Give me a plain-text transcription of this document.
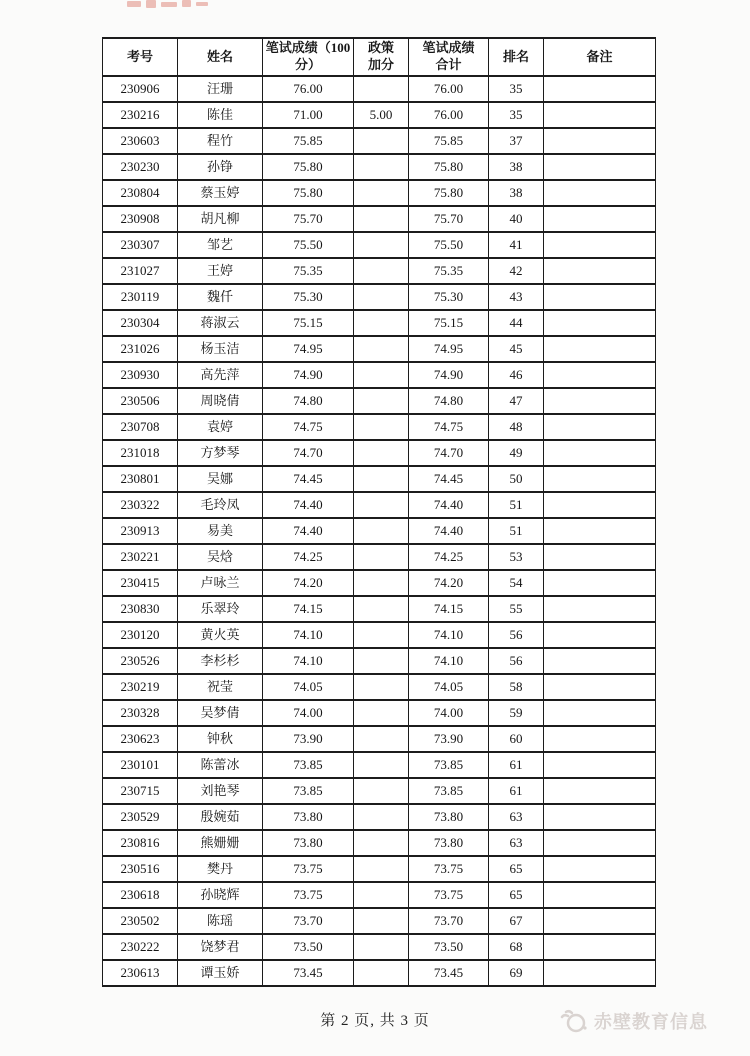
考号	姓名	笔试成绩（100分）	政策加分	笔试成绩合计	排名	备注
230906	汪珊	76.00		76.00	35	
230216	陈佳	71.00	5.00	76.00	35	
230603	程竹	75.85		75.85	37	
230230	孙铮	75.80		75.80	38	
230804	蔡玉婷	75.80		75.80	38	
230908	胡凡柳	75.70		75.70	40	
230307	邹艺	75.50		75.50	41	
231027	王婷	75.35		75.35	42	
230119	魏仟	75.30		75.30	43	
230304	蒋淑云	75.15		75.15	44	
231026	杨玉洁	74.95		74.95	45	
230930	高先萍	74.90		74.90	46	
230506	周晓倩	74.80		74.80	47	
230708	袁婷	74.75		74.75	48	
231018	方梦琴	74.70		74.70	49	
230801	吴娜	74.45		74.45	50	
230322	毛玲凤	74.40		74.40	51	
230913	易美	74.40		74.40	51	
230221	吴焓	74.25		74.25	53	
230415	卢咏兰	74.20		74.20	54	
230830	乐翠玲	74.15		74.15	55	
230120	黄火英	74.10		74.10	56	
230526	李杉杉	74.10		74.10	56	
230219	祝莹	74.05		74.05	58	
230328	吴梦倩	74.00		74.00	59	
230623	钟秋	73.90		73.90	60	
230101	陈蕾冰	73.85		73.85	61	
230715	刘艳琴	73.85		73.85	61	
230529	殷婉茹	73.80		73.80	63	
230816	熊姗姗	73.80		73.80	63	
230516	樊丹	73.75		73.75	65	
230618	孙晓辉	73.75		73.75	65	
230502	陈瑶	73.70		73.70	67	
230222	饶梦君	73.50		73.50	68	
230613	谭玉娇	73.45		73.45	69	
第 2 页, 共 3 页	赤壁教育信息
